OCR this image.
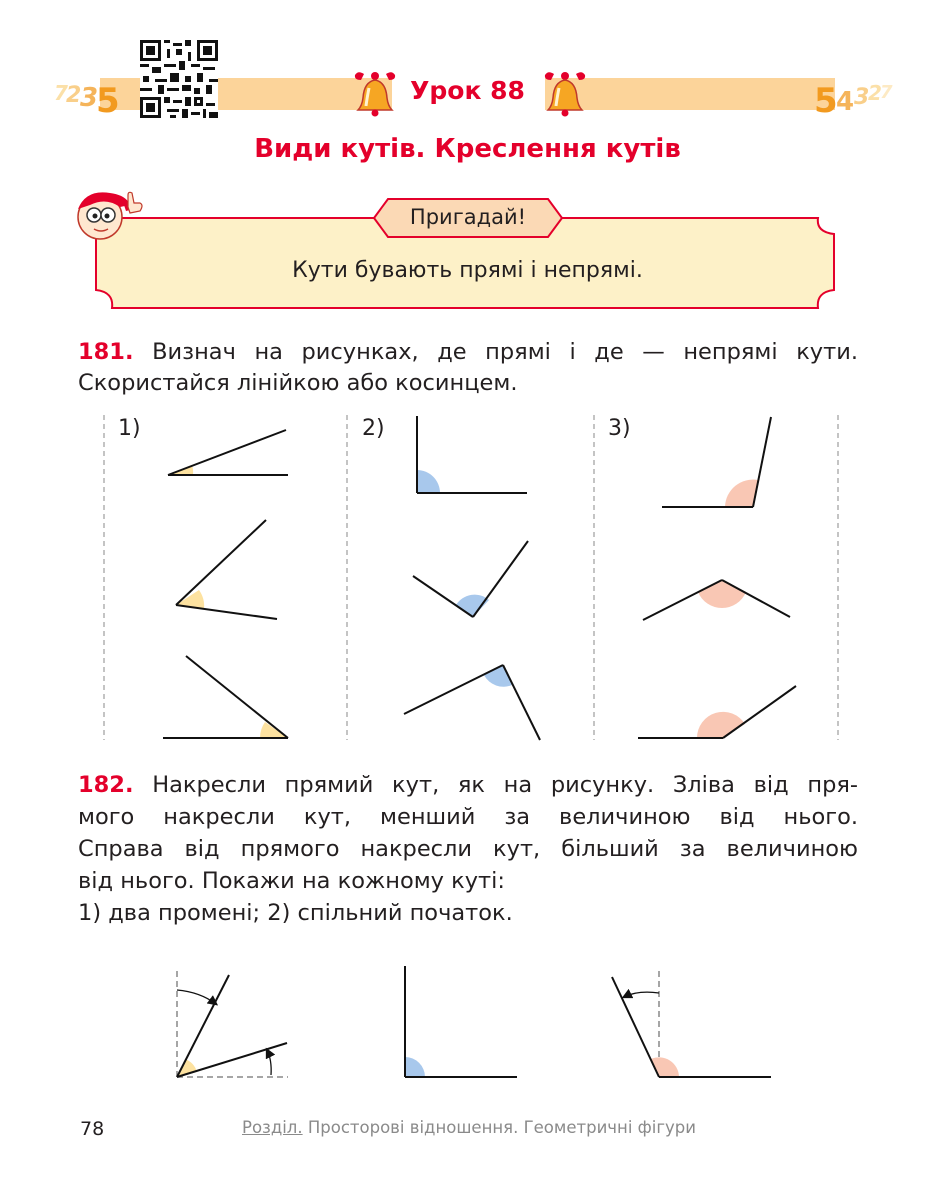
7
2
3
5	5
4 3
2
7
Урок 88
Види кутів. Креслення кутів
Пригадай!
Кути бувають прямі і непрямі.
181. Визнач на рисунках, де прямі і де — непрямі кути.
Скористайся лінійкою або косинцем.
1)	2)	3)
182. Накресли прямий кут, як на рисунку. Зліва від пря-
мого накресли кут, менший за величиною від нього.
Справа від прямого накресли кут, більший за величиною
від нього. Покажи на кожному куті:
1) два промені; 2) спільний початок.
78	Розділ. Просторові відношення. Геометричні фігури
